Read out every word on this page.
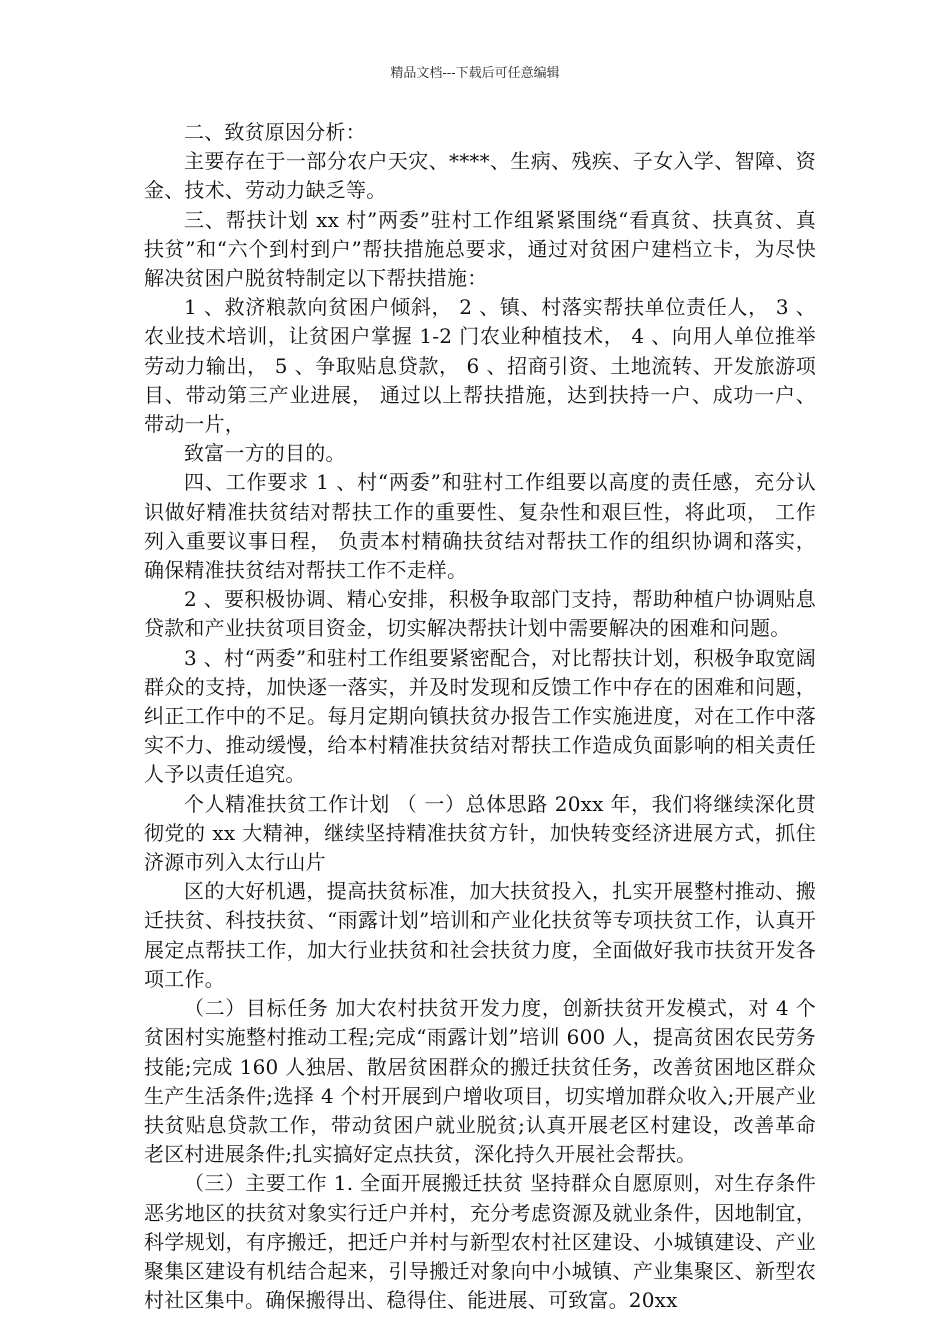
精品文档---下载后可任意编辑

二、致贫原因分析：

主要存在于一部分农户天灾、****、生病、残疾、子女入学、智障、资金、技术、劳动力缺乏等。

三、帮扶计划 xx 村”两委”驻村工作组紧紧围绕“看真贫、扶真贫、真扶贫”和“六个到村到户”帮扶措施总要求，通过对贫困户建档立卡，为尽快解决贫困户脱贫特制定以下帮扶措施：

1 、救济粮款向贫困户倾斜， 2 、镇、村落实帮扶单位责任人， 3 、农业技术培训，让贫困户掌握 1-2 门农业种植技术， 4 、向用人单位推举劳动力输出， 5 、争取贴息贷款， 6 、招商引资、土地流转、开发旅游项目、带动第三产业进展， 通过以上帮扶措施，达到扶持一户、成功一户、带动一片，

致富一方的目的。

四、工作要求 1 、村“两委”和驻村工作组要以高度的责任感，充分认识做好精准扶贫结对帮扶工作的重要性、复杂性和艰巨性，将此项， 工作列入重要议事日程， 负责本村精确扶贫结对帮扶工作的组织协调和落实，确保精准扶贫结对帮扶工作不走样。

2 、要积极协调、精心安排，积极争取部门支持，帮助种植户协调贴息贷款和产业扶贫项目资金，切实解决帮扶计划中需要解决的困难和问题。

3 、村“两委”和驻村工作组要紧密配合，对比帮扶计划，积极争取宽阔群众的支持，加快逐一落实，并及时发现和反馈工作中存在的困难和问题，纠正工作中的不足。每月定期向镇扶贫办报告工作实施进度，对在工作中落实不力、推动缓慢，给本村精准扶贫结对帮扶工作造成负面影响的相关责任人予以责任追究。

个人精准扶贫工作计划 （ 一）总体思路 20xx 年，我们将继续深化贯彻党的 xx 大精神，继续坚持精准扶贫方针，加快转变经济进展方式，抓住济源市列入太行山片

区的大好机遇，提高扶贫标准，加大扶贫投入，扎实开展整村推动、搬迁扶贫、科技扶贫、“雨露计划”培训和产业化扶贫等专项扶贫工作，认真开展定点帮扶工作，加大行业扶贫和社会扶贫力度，全面做好我市扶贫开发各项工作。

（二）目标任务 加大农村扶贫开发力度，创新扶贫开发模式，对 4 个贫困村实施整村推动工程;完成“雨露计划”培训 600 人，提高贫困农民劳务技能;完成 160 人独居、散居贫困群众的搬迁扶贫任务，改善贫困地区群众生产生活条件;选择 4 个村开展到户增收项目，切实增加群众收入;开展产业扶贫贴息贷款工作，带动贫困户就业脱贫;认真开展老区村建设，改善革命老区村进展条件;扎实搞好定点扶贫，深化持久开展社会帮扶。

（三）主要工作 1. 全面开展搬迁扶贫 坚持群众自愿原则，对生存条件恶劣地区的扶贫对象实行迁户并村，充分考虑资源及就业条件，因地制宜，科学规划，有序搬迁，把迁户并村与新型农村社区建设、小城镇建设、产业聚集区建设有机结合起来，引导搬迁对象向中小城镇、产业集聚区、新型农村社区集中。确保搬得出、稳得住、能进展、可致富。20xx
